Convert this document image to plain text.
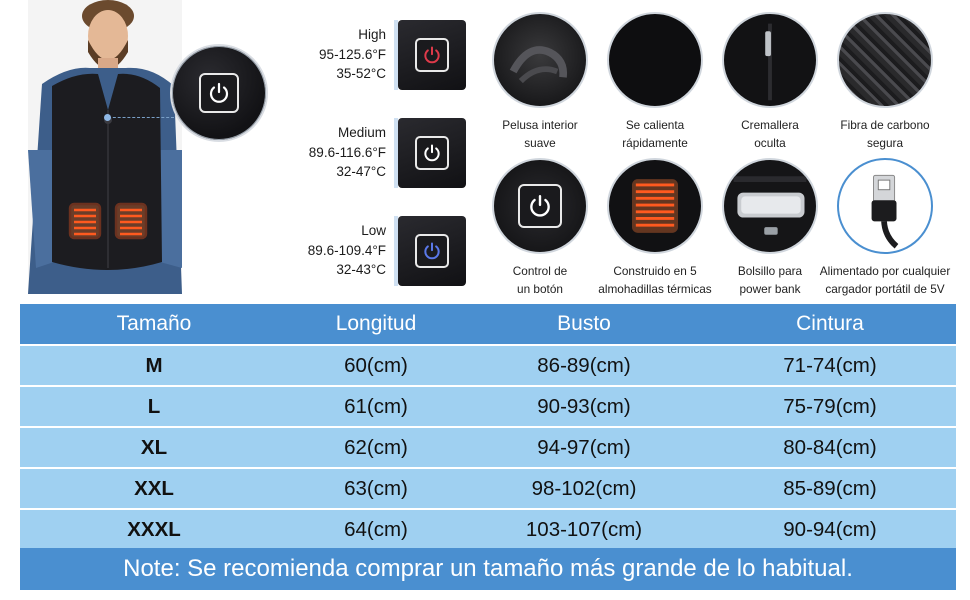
High
95-125.6°F
35-52°C
Medium
89.6-116.6°F
32-47°C
Low
89.6-109.4°F
32-43°C
Pelusa interior
suave
Se calienta
rápidamente
Cremallera
oculta
Fibra de carbono
segura
Control de
un botón
Construido en 5
almohadillas térmicas
Bolsillo para
power bank
Alimentado por cualquier
cargador portátil de 5V
Tamaño	Longitud	Busto	Cintura
M	60(cm)	86-89(cm)	71-74(cm)
L	61(cm)	90-93(cm)	75-79(cm)
XL	62(cm)	94-97(cm)	80-84(cm)
XXL	63(cm)	98-102(cm)	85-89(cm)
XXXL	64(cm)	103-107(cm)	90-94(cm)
Note: Se recomienda comprar un tamaño más grande de lo habitual.
